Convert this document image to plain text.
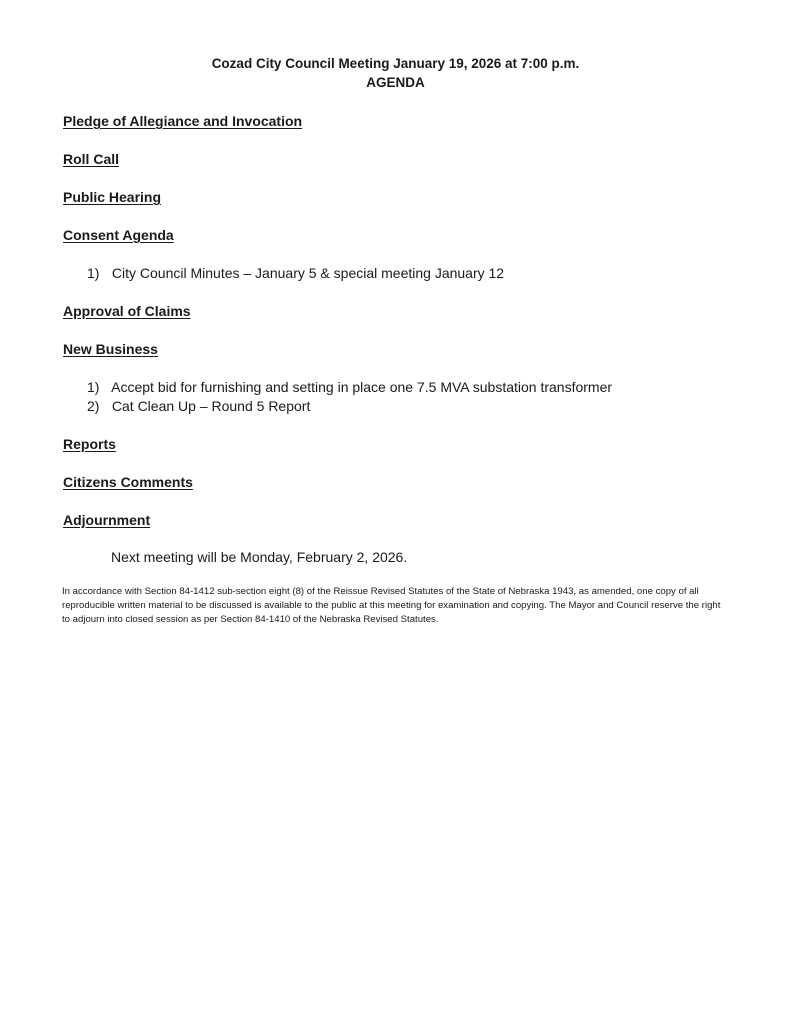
Cozad City Council Meeting January 19, 2026 at 7:00 p.m.
AGENDA
Pledge of Allegiance and Invocation
Roll Call
Public Hearing
Consent Agenda
1) City Council Minutes – January 5 & special meeting January 12
Approval of Claims
New Business
1) Accept bid for furnishing and setting in place one 7.5 MVA substation transformer
2) Cat Clean Up – Round 5 Report
Reports
Citizens Comments
Adjournment
Next meeting will be Monday, February 2, 2026.
In accordance with Section 84-1412 sub-section eight (8) of the Reissue Revised Statutes of the State of Nebraska 1943, as amended, one copy of all reproducible written material to be discussed is available to the public at this meeting for examination and copying. The Mayor and Council reserve the right to adjourn into closed session as per Section 84-1410 of the Nebraska Revised Statutes.
